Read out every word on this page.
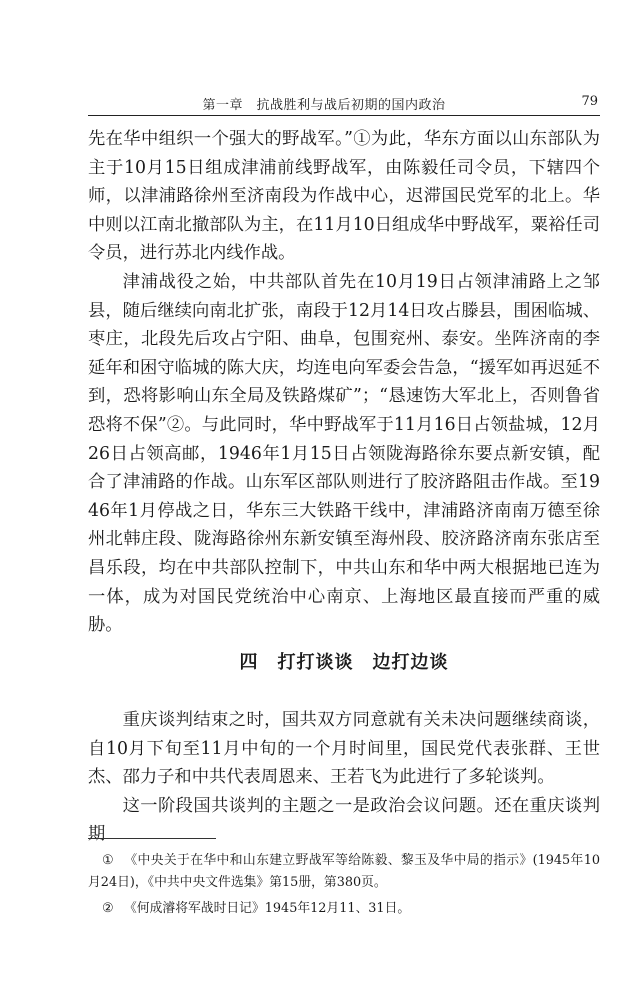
第一章　抗战胜利与战后初期的国内政治	79

先在华中组织一个强大的野战军。”①为此，华东方面以山东部队为主于10月15日组成津浦前线野战军，由陈毅任司令员，下辖四个师，以津浦路徐州至济南段为作战中心，迟滞国民党军的北上。华中则以江南北撤部队为主，在11月10日组成华中野战军，粟裕任司令员，进行苏北内线作战。

津浦战役之始，中共部队首先在10月19日占领津浦路上之邹县，随后继续向南北扩张，南段于12月14日攻占滕县，围困临城、枣庄，北段先后攻占宁阳、曲阜，包围兖州、泰安。坐阵济南的李延年和困守临城的陈大庆，均连电向军委会告急，“援军如再迟延不到，恐将影响山东全局及铁路煤矿”；“恳速饬大军北上，否则鲁省恐将不保”②。与此同时，华中野战军于11月16日占领盐城，12月26日占领高邮，1946年1月15日占领陇海路徐东要点新安镇，配合了津浦路的作战。山东军区部队则进行了胶济路阻击作战。至1946年1月停战之日，华东三大铁路干线中，津浦路济南南万德至徐州北韩庄段、陇海路徐州东新安镇至海州段、胶济路济南东张店至昌乐段，均在中共部队控制下，中共山东和华中两大根据地已连为一体，成为对国民党统治中心南京、上海地区最直接而严重的威胁。

四　打打谈谈　边打边谈

重庆谈判结束之时，国共双方同意就有关未决问题继续商谈，自10月下旬至11月中旬的一个月时间里，国民党代表张群、王世杰、邵力子和中共代表周恩来、王若飞为此进行了多轮谈判。

这一阶段国共谈判的主题之一是政治会议问题。还在重庆谈判期

① 《中央关于在华中和山东建立野战军等给陈毅、黎玉及华中局的指示》(1945年10月24日)，《中共中央文件选集》第15册，第380页。

② 《何成濬将军战时日记》1945年12月11、31日。
